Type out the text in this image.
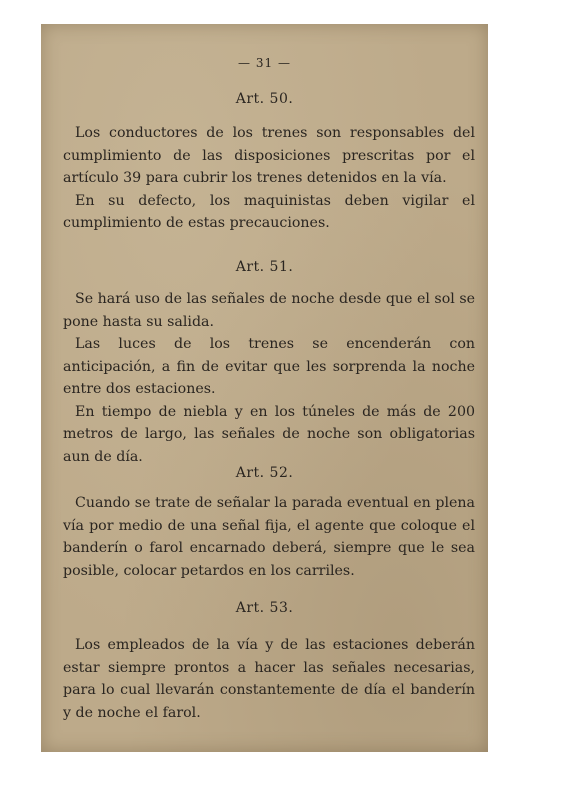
— 31 —
Art. 50.

Los conductores de los trenes son responsables del cumplimiento de las disposiciones prescritas por el artículo 39 para cubrir los trenes detenidos en la vía.

En su defecto, los maquinistas deben vigilar el cumplimiento de estas precauciones.

Art. 51.

Se hará uso de las señales de noche desde que el sol se pone hasta su salida.

Las luces de los trenes se encenderán con anticipación, a fin de evitar que les sorprenda la noche entre dos estaciones.

En tiempo de niebla y en los túneles de más de 200 metros de largo, las señales de noche son obligatorias aun de día.

Art. 52.

Cuando se trate de señalar la parada eventual en plena vía por medio de una señal fija, el agente que coloque el banderín o farol encarnado deberá, siempre que le sea posible, colocar petardos en los carriles.

Art. 53.

Los empleados de la vía y de las estaciones deberán estar siempre prontos a hacer las señales necesarias, para lo cual llevarán constantemente de día el banderín y de noche el farol.
